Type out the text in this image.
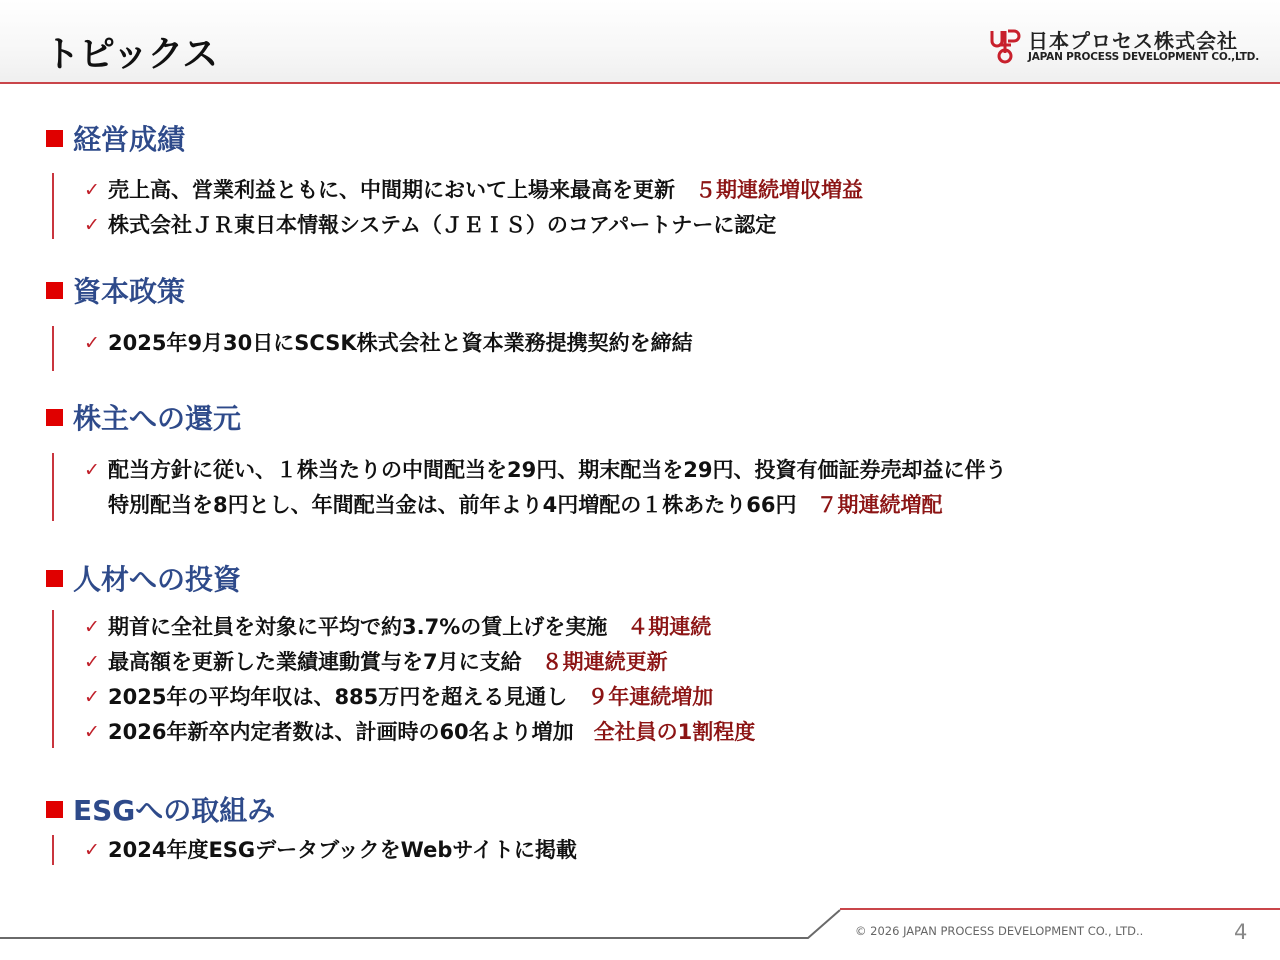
トピックス	日本プロセス株式会社
JAPAN PROCESS DEVELOPMENT CO.,LTD.
経営成績
✓ 売上高、営業利益ともに、中間期において上場来最高を更新 ５期連続増収増益
✓ 株式会社ＪＲ東日本情報システム（ＪＥＩＳ）のコアパートナーに認定
資本政策
✓ 2025年9月30日にSCSK株式会社と資本業務提携契約を締結
株主への還元
✓ 配当方針に従い、１株当たりの中間配当を29円、期末配当を29円、投資有価証券売却益に伴う
特別配当を8円とし、年間配当金は、前年より4円増配の１株あたり66円 ７期連続増配
人材への投資
✓ 期首に全社員を対象に平均で約3.7%の賃上げを実施 ４期連続
✓ 最高額を更新した業績連動賞与を7月に支給 ８期連続更新
✓ 2025年の平均年収は、885万円を超える見通し ９年連続増加
✓ 2026年新卒内定者数は、計画時の60名より増加 全社員の1割程度
ESGへの取組み
✓ 2024年度ESGデータブックをWebサイトに掲載
© 2026 JAPAN PROCESS DEVELOPMENT CO., LTD..	4
